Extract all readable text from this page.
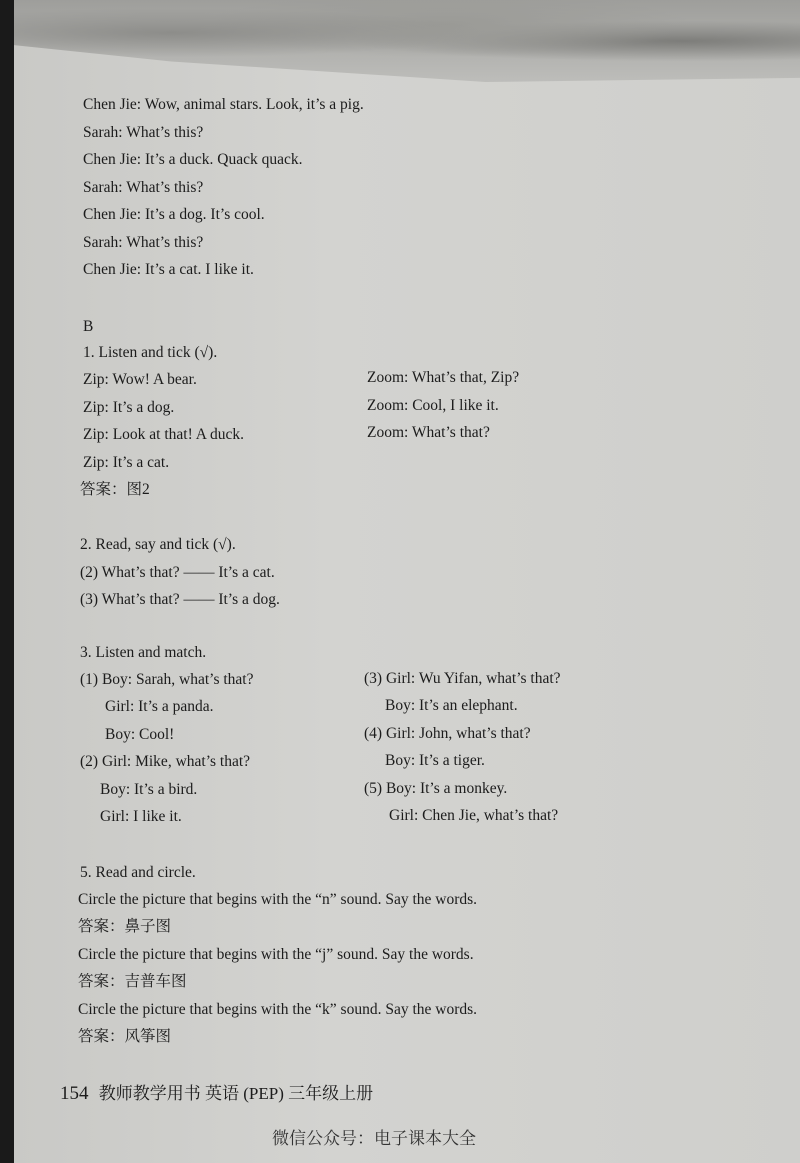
Chen Jie: Wow, animal stars. Look, it’s a pig.
Sarah: What’s this?
Chen Jie: It’s a duck. Quack quack.
Sarah: What’s this?
Chen Jie: It’s a dog. It’s cool.
Sarah: What’s this?
Chen Jie: It’s a cat. I like it.
B
1. Listen and tick (√).
Zip: Wow! A bear.
Zip: It’s a dog.
Zip: Look at that! A duck.
Zip: It’s a cat.
Zoom: What’s that, Zip?
Zoom: Cool, I like it.
Zoom: What’s that?
答案：图2
2. Read, say and tick (√).
(2) What’s that? —— It’s a cat.
(3) What’s that? —— It’s a dog.
3. Listen and match.
(1) Boy: Sarah, what’s that?
Girl: It’s a panda.
Boy: Cool!
(2) Girl: Mike, what’s that?
Boy: It’s a bird.
Girl: I like it.
(3) Girl: Wu Yifan, what’s that?
Boy: It’s an elephant.
(4) Girl: John, what’s that?
Boy: It’s a tiger.
(5) Boy: It’s a monkey.
Girl: Chen Jie, what’s that?
5. Read and circle.
Circle the picture that begins with the “n” sound. Say the words.
答案：鼻子图
Circle the picture that begins with the “j” sound. Say the words.
答案：吉普车图
Circle the picture that begins with the “k” sound. Say the words.
答案：风筝图
154 教师教学用书 英语 (PEP) 三年级上册
微信公众号：电子课本大全
